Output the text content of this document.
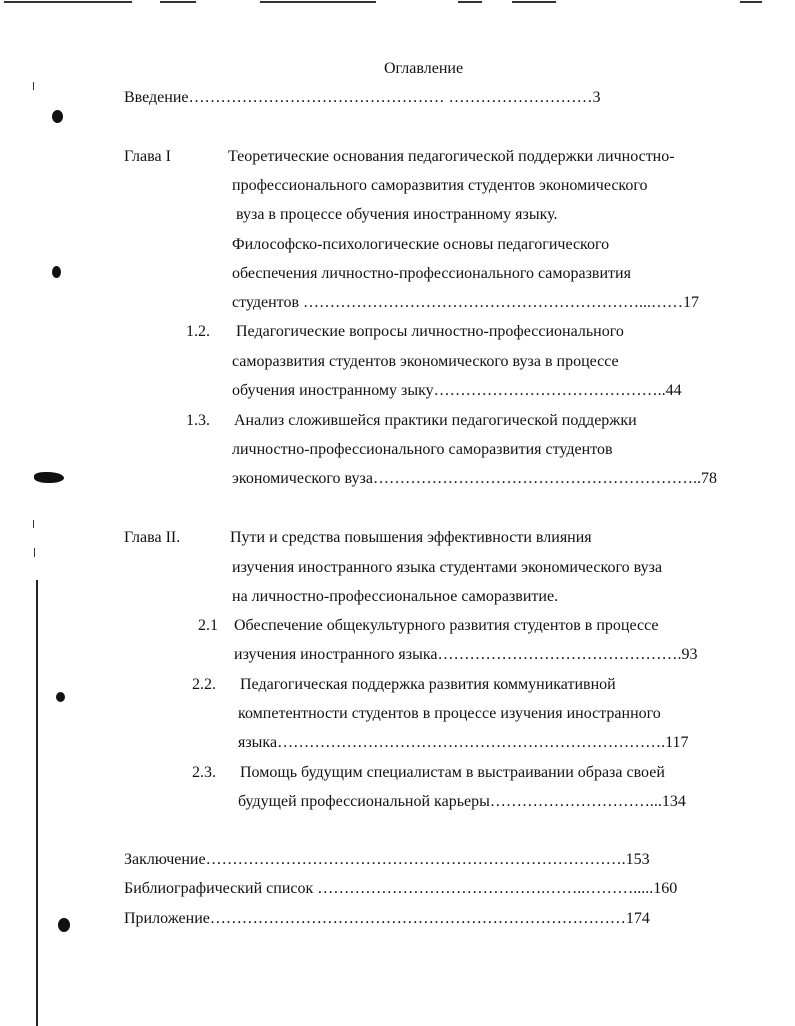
Оглавление
Введение………………………………………… ………………………3
Глава I	Теоретические основания педагогической поддержки личностно-
профессионального саморазвития студентов экономического
вуза в процессе обучения иностранному языку.
Философско-психологические основы педагогического
обеспечения личностно-профессионального саморазвития
студентов ………………………………………………………...……17
1.2. Педагогические вопросы личностно-профессионального
саморазвития студентов экономического вуза в процессе
обучения иностранному зыку……………………………………..44
1.3. Анализ сложившейся практики педагогической поддержки
личностно-профессионального саморазвития студентов
экономического вуза……………………………………………………..78
Глава II.	Пути и средства повышения эффективности влияния
изучения иностранного языка студентами экономического вуза
на личностно-профессиональное саморазвитие.
2.1 Обеспечение общекультурного развития студентов в процессе
изучения иностранного языка……………………………………….93
2.2. Педагогическая поддержка развития коммуникативной
компетентности студентов в процессе изучения иностранного
языка……………………………………………………………….117
2.3. Помощь будущим специалистам в выстраивании образа своей
будущей профессиональной карьеры…………………………...134
Заключение…………………………………………………………………….153
Библиографический список …………………………………….……..……….....160
Приложение……………………………………………………………………174
